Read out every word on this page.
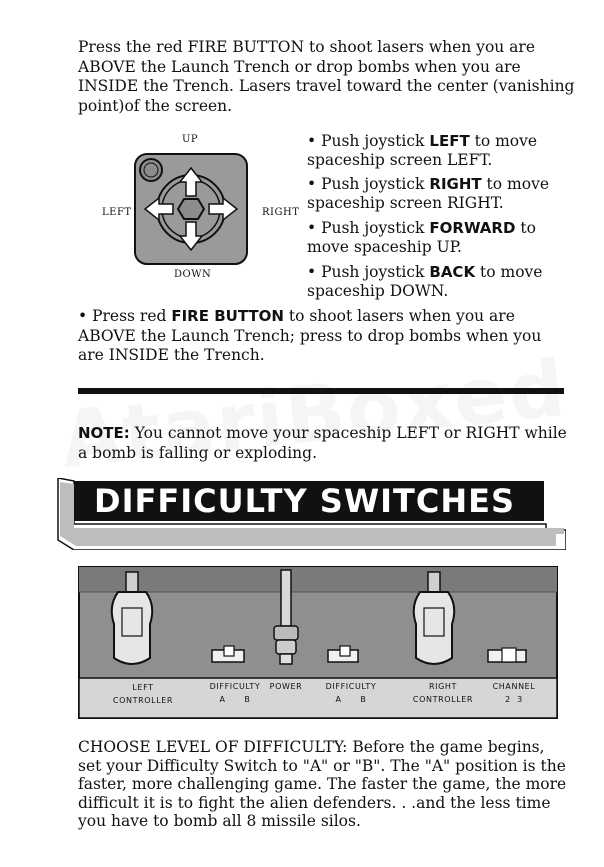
Press the red FIRE BUTTON to shoot lasers when you are ABOVE the Launch Trench or drop bombs when you are INSIDE the Trench. Lasers travel toward the center (vanishing point)of the screen.

UP
DOWN
LEFT	RIGHT

• Push joystick LEFT to move spaceship screen LEFT.

• Push joystick RIGHT to move spaceship screen RIGHT.

• Push joystick FORWARD to move spaceship UP.

• Push joystick BACK to move spaceship DOWN.

• Press red FIRE BUTTON to shoot lasers when you are ABOVE the Launch Trench; press to drop bombs when you are INSIDE the Trench.

NOTE: You cannot move your spaceship LEFT or RIGHT while a bomb is falling or exploding.

DIFFICULTY SWITCHES
LEFT
CONTROLLER
DIFFICULTY
A      B
POWER	DIFFICULTY
A      B
RIGHT
CONTROLLER
CHANNEL
2  3

CHOOSE LEVEL OF DIFFICULTY: Before the game begins, set your Difficulty Switch to "A" or "B". The "A" position is the faster, more challenging game. The faster the game, the more difficult it is to fight the alien defenders. . .and the less time you have to bomb all 8 missile silos.
